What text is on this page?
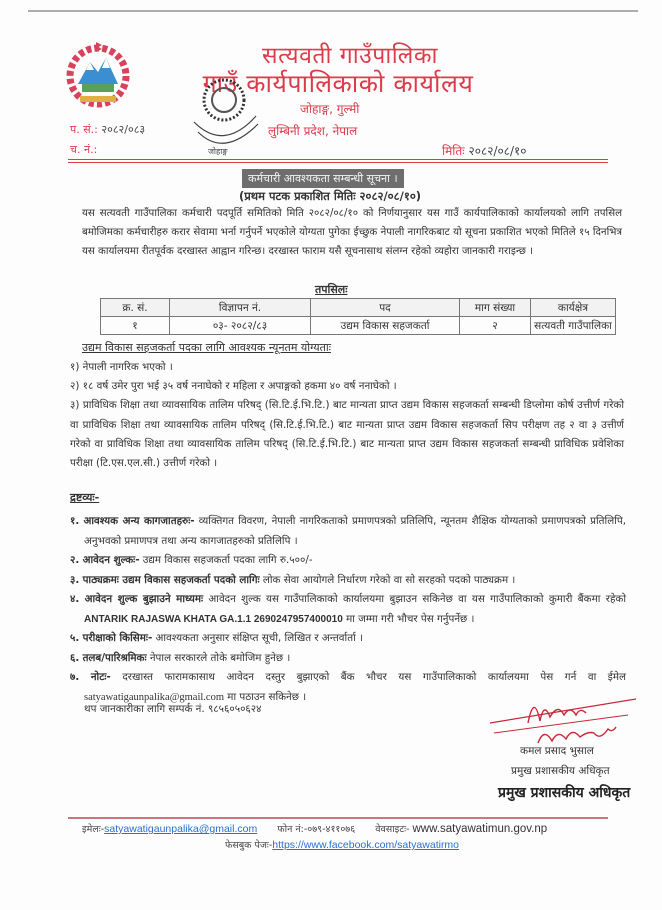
सत्यवती गाउँपालिका
गाउँ कार्यपालिकाको कार्यालय
जोहाङ्ग, गुल्मी
लुम्बिनी प्रदेश, नेपाल
प. सं.: २०८२/०८३
च. नं.:	मितिः २०८२/०८/१०
जोहाङ्ग
कर्मचारी आवश्यकता सम्बन्धी सूचना ।
(प्रथम पटक प्रकाशित मितिः २०८२/०८/१०)
यस सत्यवती गाउँपालिका कर्मचारी पदपूर्ति समितिको मिति २०८२/०८/१० को निर्णयानुसार यस गाउँ कार्यपालिकाको कार्यालयको लागि तपसिल बमोजिमका कर्मचारीहरु करार सेवामा भर्ना गर्नुपर्ने भएकोले योग्यता पुगेका ईच्छुक नेपाली नागरिकबाट यो सूचना प्रकाशित भएको मितिले १५ दिनभित्र यस कार्यालयमा रीतपूर्वक दरखास्त आह्वान गरिन्छ। दरखास्त फाराम यसै सूचनासाथ संलग्न रहेको व्यहोरा जानकारी गराइन्छ ।
तपसिलः
क्र. सं.	विज्ञापन नं.	पद	माग संख्या	कार्यक्षेत्र
१	०३- २०८२/८३	उद्यम विकास सहजकर्ता	२	सत्यवती गाउँपालिका
उद्यम विकास सहजकर्ता पदका लागि आवश्यक न्यूनतम योग्यताः

१) नेपाली नागरिक भएको ।

२) १८ वर्ष उमेर पुरा भई ३५ वर्ष ननाघेको र महिला र अपाङ्गको हकमा ४० वर्ष ननाघेको ।

३) प्राविधिक शिक्षा तथा व्यावसायिक तालिम परिषद् (सि.टि.ई.भि.टि.) बाट मान्यता प्राप्त उद्यम विकास सहजकर्ता सम्बन्धी डिप्लोमा कोर्ष उत्तीर्ण गरेको वा प्राविधिक शिक्षा तथा व्यावसायिक तालिम परिषद् (सि.टि.ई.भि.टि.) बाट मान्यता प्राप्त उद्यम विकास सहजकर्ता सिप परीक्षण तह २ वा ३ उत्तीर्ण गरेको वा प्राविधिक शिक्षा तथा व्यावसायिक तालिम परिषद् (सि.टि.ई.भि.टि.) बाट मान्यता प्राप्त उद्यम विकास सहजकर्ता सम्बन्धी प्राविधिक प्रवेशिका परीक्षा (टि.एस.एल.सी.) उत्तीर्ण गरेको ।

द्रष्टव्यः-
१. आवश्यक अन्य कागजातहरुः- व्यक्तिगत विवरण, नेपाली नागरिकताको प्रमाणपत्रको प्रतिलिपि, न्यूनतम शैक्षिक योग्यताको प्रमाणपत्रको प्रतिलिपि, अनुभवको प्रमाणपत्र तथा अन्य कागजातहरुको प्रतिलिपि ।
२. आवेदन शुल्कः- उद्यम विकास सहजकर्ता पदका लागि रु.५००/-
३. पाठ्यक्रमः उद्यम विकास सहजकर्ता पदको लागिः लोक सेवा आयोगले निर्धारण गरेको वा सो सरहको पदको पाठ्यक्रम ।
४. आवेदन शुल्क बुझाउने माध्यमः आवेदन शुल्क यस गाउँपालिकाको कार्यालयमा बुझाउन सकिनेछ वा यस गाउँपालिकाको कुमारी बैंकमा रहेको ANTARIK RAJASWA KHATA GA.1.1 2690247957400010 मा जम्मा गरी भौचर पेस गर्नुपर्नेछ ।
५. परीक्षाको किसिमः- आवश्यकता अनुसार संक्षिप्त सूची, लिखित र अन्तर्वार्ता ।
६. तलब/पारिश्रमिकः नेपाल सरकारले तोके बमोजिम हुनेछ ।
७. नोटः- दरखास्त फारामकासाथ आवेदन दस्तुर बुझाएको बैंक भौचर यस गाउँपालिकाको कार्यालयमा पेस गर्न वा ईमेल satyawatigaunpalika@gmail.com मा पठाउन सकिनेछ ।
थप जानकारीका लागि सम्पर्क नं. ९८५६०५०६२४
कमल प्रसाद भुसाल
प्रमुख प्रशासकीय अधिकृत
प्रमुख प्रशासकीय अधिकृत
इमेलः-satyawatigaunpalika@gmail.com फोन नं:-०७९-४११०७६ वेवसाइटः- www.satyawatimun.gov.np
फेसबुक पेजः-https://www.facebook.com/satyawatirmo
